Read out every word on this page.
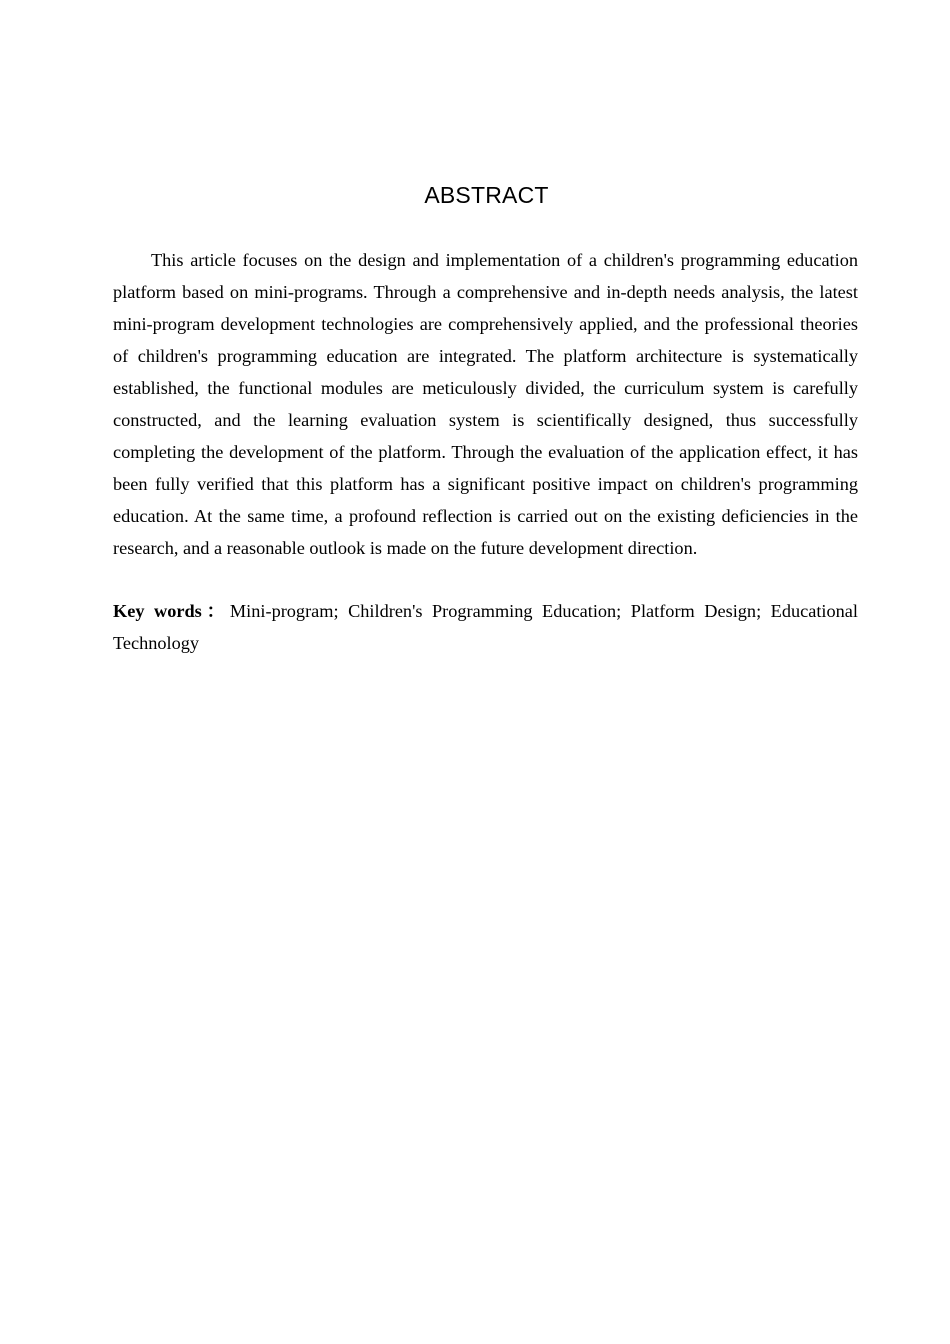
ABSTRACT

This article focuses on the design and implementation of a children's programming education platform based on mini-programs. Through a comprehensive and in-depth needs analysis, the latest mini-program development technologies are comprehensively applied, and the professional theories of children's programming education are integrated. The platform architecture is systematically established, the functional modules are meticulously divided, the curriculum system is carefully constructed, and the learning evaluation system is scientifically designed, thus successfully completing the development of the platform. Through the evaluation of the application effect, it has been fully verified that this platform has a significant positive impact on children's programming education. At the same time, a profound reflection is carried out on the existing deficiencies in the research, and a reasonable outlook is made on the future development direction.

Key words：Mini-program; Children's Programming Education; Platform Design; Educational Technology
